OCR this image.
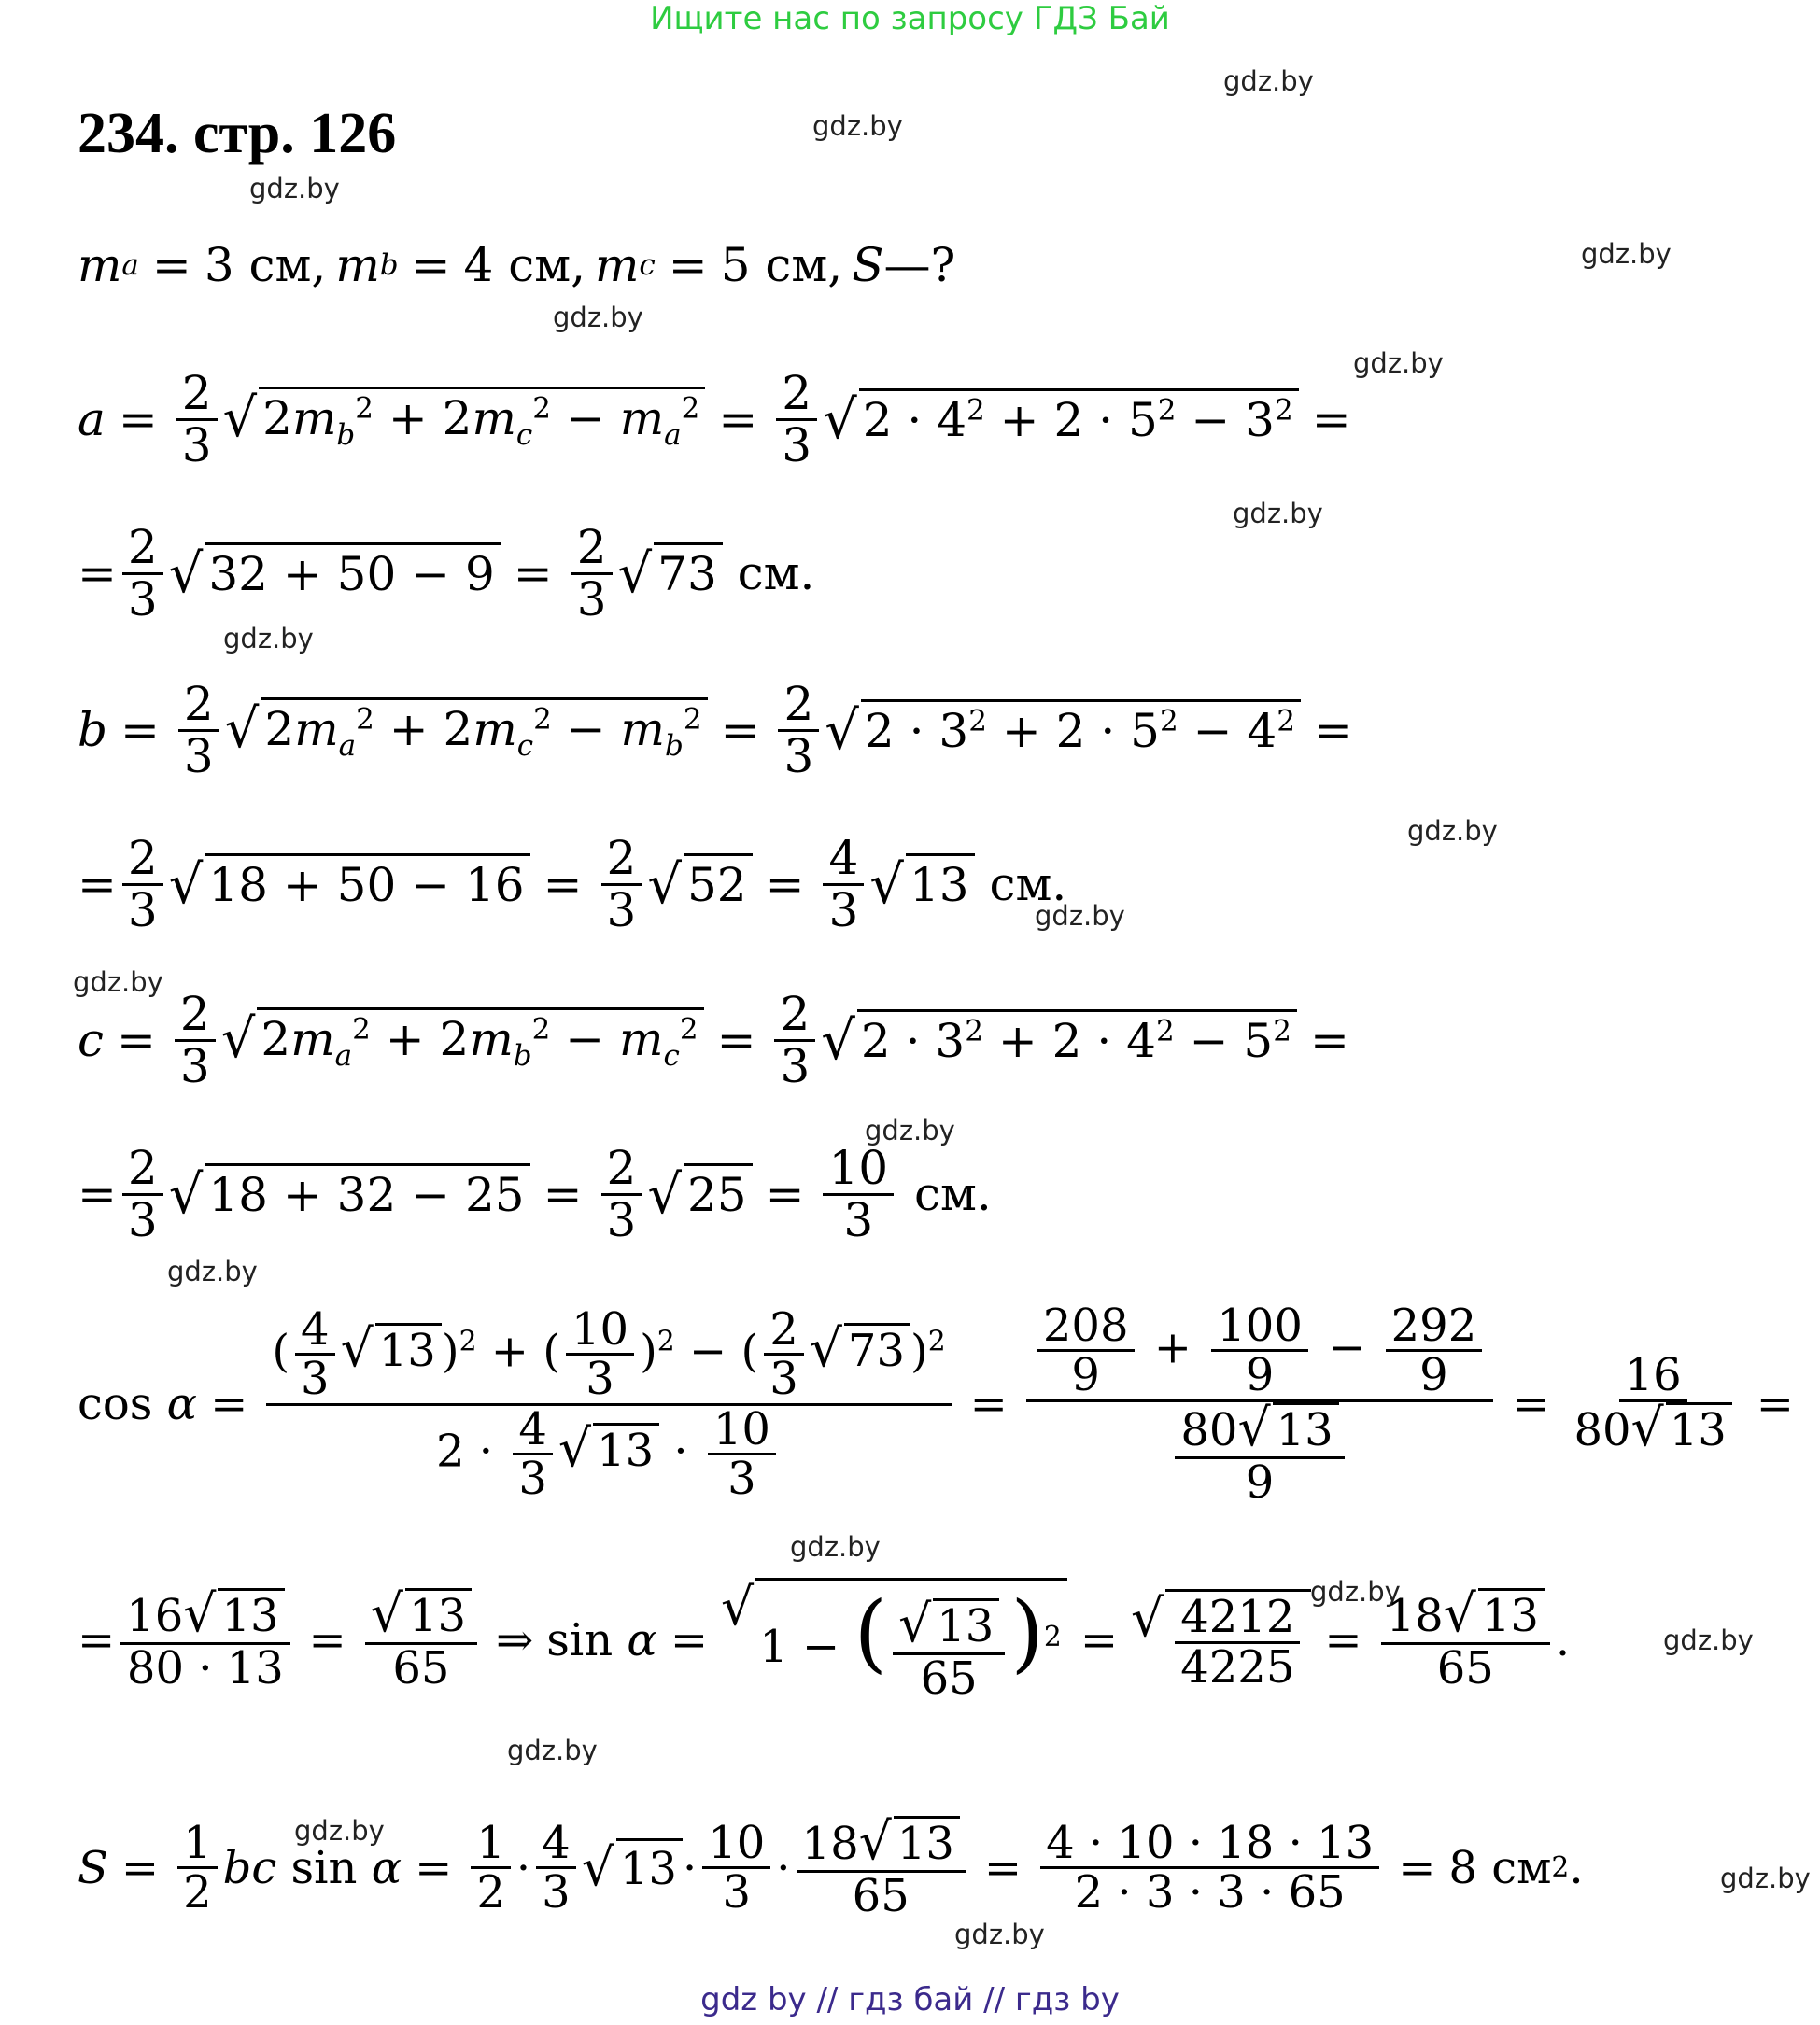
Ищите нас по запросу ГДЗ Бай
234. стр. 126
gdz.by
gdz.by
gdz.by
gdz.by
gdz.by
gdz.by
gdz.by
gdz.by
gdz.by
gdz.by
gdz.by
gdz.by
gdz.by
gdz.by
gdz.by
gdz.by
gdz.by
gdz.by
gdz.by
gdz.by
m a = 3 см, m b = 4 см, m c = 5 см, S —?
$a = \frac{2}{3}$ √ $2m_b^2 + 2m_c^2 - m_a^2 = \frac{2}{3}$ √ $2 \cdot 4^2 + 2 \cdot 5^2 - 3^2$ =
= $\frac{2}{3}$ √ $32 + 50 - 9 = \frac{2}{3}$ √ 73 см.
$b = \frac{2}{3}$ √ $2m_a^2 + 2m_c^2 - m_b^2 = \frac{2}{3}$ √ $2 \cdot 3^2 + 2 \cdot 5^2 - 4^2$ =
= $\frac{2}{3}$ √ $18 + 50 - 16 = \frac{2}{3}$ √ $52 = \frac{4}{3}$ √ 13 см.
$c = \frac{2}{3}$ √ $2m_a^2 + 2m_b^2 - m_c^2 = \frac{2}{3}$ √ $2 \cdot 3^2 + 2 \cdot 4^2 - 5^2$ =
= $\frac{2}{3}$ √ $18 + 32 - 25 = \frac{2}{3}$ √ $25 = \frac{10}{3}$ см.
$\cos \alpha = \frac{( \frac{4}{3} √ 13 )^2 + ( \frac{10}{3} )^2 - ( \frac{2}{3} √ 73 )^2}{2 \cdot \frac{4}{3} √ 13 \cdot \frac{10}{3}} = \frac{\frac{208}{9} + \frac{100}{9} - \frac{292}{9}}{\frac{80 √ 13}{9}} = \frac{16}{80 √ 13}$ =
= $\frac{16 √ 13}{80 \cdot 13} = \frac{√ 13}{65}$ ⇒ sin α =
√
1 − ( $\frac{√ 13}{65} )^2$ = √ $\frac{4212}{4225} = \frac{18 √ 13}{65}$ .
$S = \frac{1}{2}$ bc $\sin \alpha = \frac{1}{2} \cdot \frac{4}{3}$ √ $13 \cdot \frac{10}{3} \cdot \frac{18 √ 13}{65} = \frac{4 \cdot 10 \cdot 18 \cdot 13}{2 \cdot 3 \cdot 3 \cdot 65} = 8$ см 2 .
gdz by // гдз бай // гдз by
